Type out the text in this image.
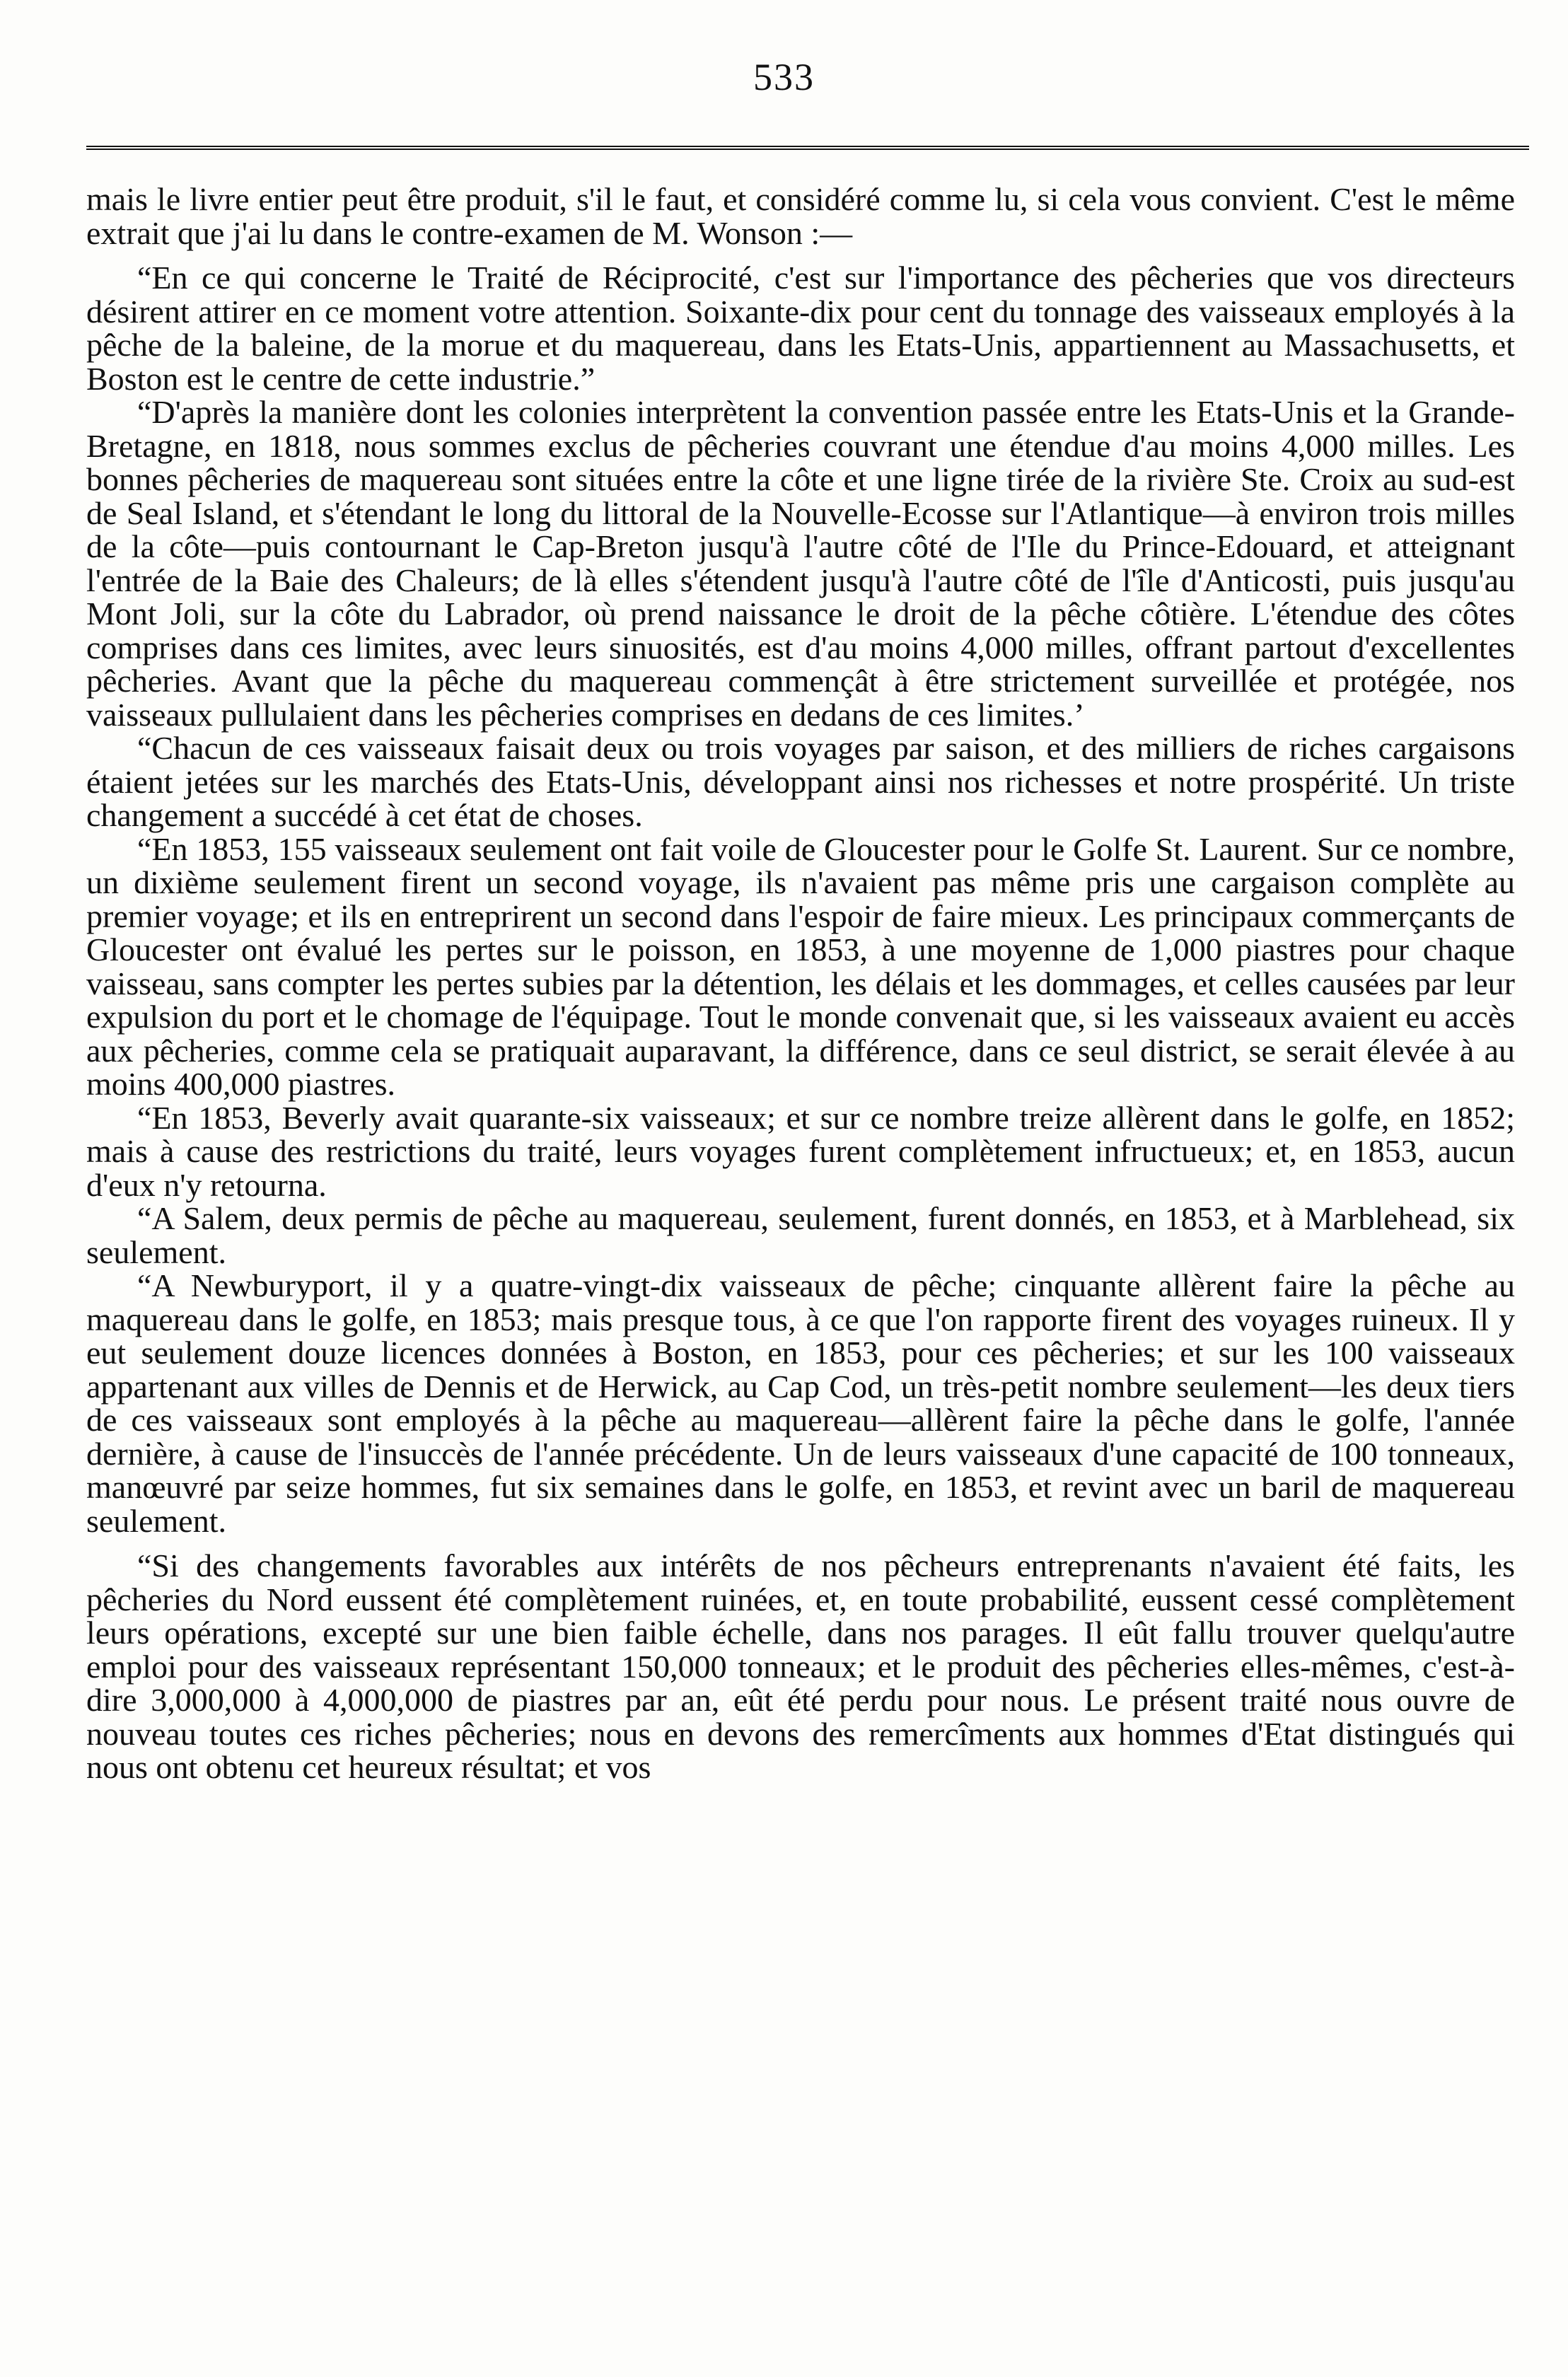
533

mais le livre entier peut être produit, s'il le faut, et considéré comme lu, si cela vous convient. C'est le même extrait que j'ai lu dans le contre-examen de M. Wonson :—

“En ce qui concerne le Traité de Réciprocité, c'est sur l'importance des pêcheries que vos directeurs désirent attirer en ce moment votre attention. Soixante-dix pour cent du tonnage des vaisseaux employés à la pêche de la baleine, de la morue et du maquereau, dans les Etats-Unis, appartiennent au Massachusetts, et Boston est le centre de cette industrie.”

“D'après la manière dont les colonies interprètent la convention passée entre les Etats-Unis et la Grande-Bretagne, en 1818, nous sommes exclus de pêcheries couvrant une étendue d'au moins 4,000 milles. Les bonnes pêcheries de maquereau sont situées entre la côte et une ligne tirée de la rivière Ste. Croix au sud-est de Seal Island, et s'étendant le long du littoral de la Nouvelle-Ecosse sur l'Atlantique—à environ trois milles de la côte—puis contournant le Cap-Breton jusqu'à l'autre côté de l'Ile du Prince-Edouard, et atteignant l'entrée de la Baie des Chaleurs; de là elles s'étendent jusqu'à l'autre côté de l'île d'Anticosti, puis jusqu'au Mont Joli, sur la côte du Labrador, où prend naissance le droit de la pêche côtière. L'étendue des côtes comprises dans ces limites, avec leurs sinuosités, est d'au moins 4,000 milles, offrant partout d'excellentes pêcheries. Avant que la pêche du maquereau commençât à être strictement surveillée et protégée, nos vaisseaux pullulaient dans les pêcheries comprises en dedans de ces limites.’

“Chacun de ces vaisseaux faisait deux ou trois voyages par saison, et des milliers de riches cargaisons étaient jetées sur les marchés des Etats-Unis, développant ainsi nos richesses et notre prospérité. Un triste changement a succédé à cet état de choses.

“En 1853, 155 vaisseaux seulement ont fait voile de Gloucester pour le Golfe St. Laurent. Sur ce nombre, un dixième seulement firent un second voyage, ils n'avaient pas même pris une cargaison complète au premier voyage; et ils en entreprirent un second dans l'espoir de faire mieux. Les principaux commerçants de Gloucester ont évalué les pertes sur le poisson, en 1853, à une moyenne de 1,000 piastres pour chaque vaisseau, sans compter les pertes subies par la détention, les délais et les dommages, et celles causées par leur expulsion du port et le chomage de l'équipage. Tout le monde convenait que, si les vaisseaux avaient eu accès aux pêcheries, comme cela se pratiquait auparavant, la différence, dans ce seul district, se serait élevée à au moins 400,000 piastres.

“En 1853, Beverly avait quarante-six vaisseaux; et sur ce nombre treize allèrent dans le golfe, en 1852; mais à cause des restrictions du traité, leurs voyages furent complètement infructueux; et, en 1853, aucun d'eux n'y retourna.

“A Salem, deux permis de pêche au maquereau, seulement, furent donnés, en 1853, et à Marblehead, six seulement.

“A Newburyport, il y a quatre-vingt-dix vaisseaux de pêche; cinquante allèrent faire la pêche au maquereau dans le golfe, en 1853; mais presque tous, à ce que l'on rapporte firent des voyages ruineux. Il y eut seulement douze licences données à Boston, en 1853, pour ces pêcheries; et sur les 100 vaisseaux appartenant aux villes de Dennis et de Herwick, au Cap Cod, un très-petit nombre seulement—les deux tiers de ces vaisseaux sont employés à la pêche au maquereau—allèrent faire la pêche dans le golfe, l'année dernière, à cause de l'insuccès de l'année précédente. Un de leurs vaisseaux d'une capacité de 100 tonneaux, manœuvré par seize hommes, fut six semaines dans le golfe, en 1853, et revint avec un baril de maquereau seulement.

“Si des changements favorables aux intérêts de nos pêcheurs entreprenants n'avaient été faits, les pêcheries du Nord eussent été complètement ruinées, et, en toute probabilité, eussent cessé complètement leurs opérations, excepté sur une bien faible échelle, dans nos parages. Il eût fallu trouver quelqu'autre emploi pour des vaisseaux représentant 150,000 tonneaux; et le produit des pêcheries elles-mêmes, c'est-à-dire 3,000,000 à 4,000,000 de piastres par an, eût été perdu pour nous. Le présent traité nous ouvre de nouveau toutes ces riches pêcheries; nous en devons des remercîments aux hommes d'Etat distingués qui nous ont obtenu cet heureux résultat; et vos
